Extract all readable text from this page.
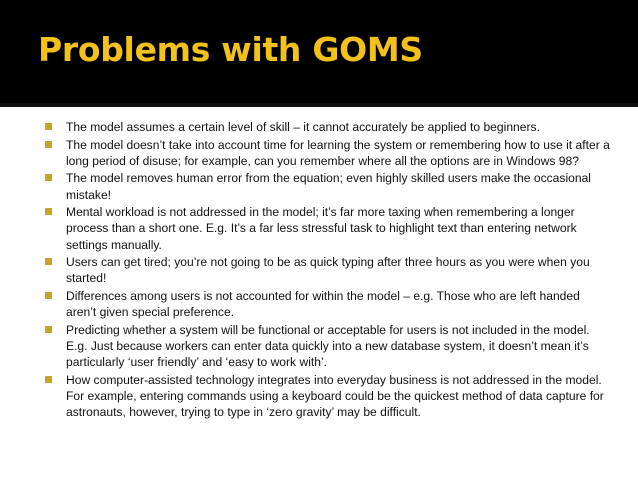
Problems with GOMS
The model assumes a certain level of skill – it cannot accurately be applied to beginners.
The model doesn’t take into account time for learning the system or remembering how to use it after a long period of disuse; for example, can you remember where all the options are in Windows 98?
The model removes human error from the equation; even highly skilled users make the occasional mistake!
Mental workload is not addressed in the model; it’s far more taxing when remembering a longer process than a short one. E.g. It’s a far less stressful task to highlight text than entering network settings manually.
Users can get tired; you’re not going to be as quick typing after three hours as you were when you started!
Differences among users is not accounted for within the model – e.g. Those who are left handed aren’t given special preference.
Predicting whether a system will be functional or acceptable for users is not included in the model. E.g. Just because workers can enter data quickly into a new database system, it doesn’t mean it’s particularly ‘user friendly’ and ‘easy to work with’.
How computer-assisted technology integrates into everyday business is not addressed in the model. For example, entering commands using a keyboard could be the quickest method of data capture for astronauts, however, trying to type in ‘zero gravity’ may be difficult.
